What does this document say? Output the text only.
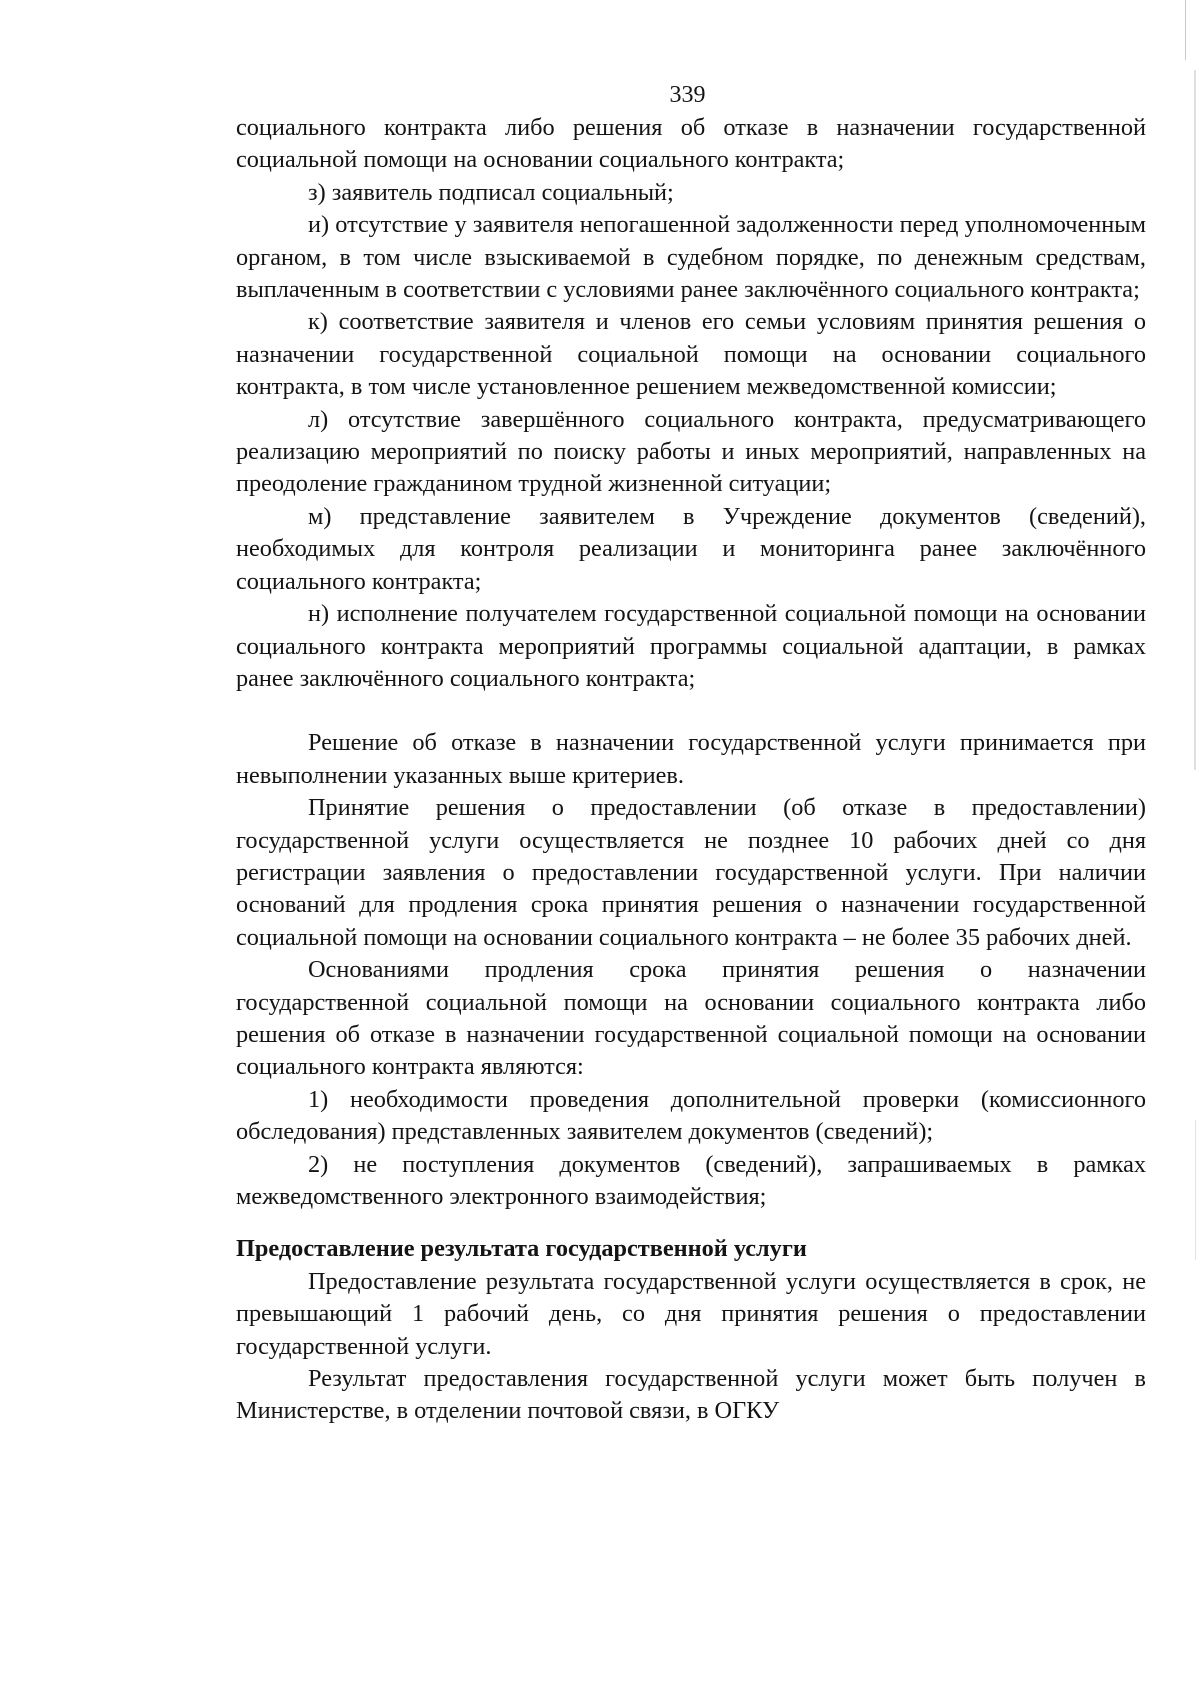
339

социального контракта либо решения об отказе в назначении государственной социальной помощи на основании социального контракта;

з) заявитель подписал социальный;

и) отсутствие у заявителя непогашенной задолженности перед уполномоченным органом, в том числе взыскиваемой в судебном порядке, по денежным средствам, выплаченным в соответствии с условиями ранее заключённого социального контракта;

к) соответствие заявителя и членов его семьи условиям принятия решения о назначении государственной социальной помощи на основании социального контракта, в том числе установленное решением межведомственной комиссии;

л) отсутствие завершённого социального контракта, предусматривающего реализацию мероприятий по поиску работы и иных мероприятий, направленных на преодоление гражданином трудной жизненной ситуации;

м) представление заявителем в Учреждение документов (сведений), необходимых для контроля реализации и мониторинга ранее заключённого социального контракта;

н) исполнение получателем государственной социальной помощи на основании социального контракта мероприятий программы социальной адаптации, в рамках ранее заключённого социального контракта;

Решение об отказе в назначении государственной услуги принимается при невыполнении указанных выше критериев.

Принятие решения о предоставлении (об отказе в предоставлении) государственной услуги осуществляется не позднее 10 рабочих дней со дня регистрации заявления о предоставлении государственной услуги. При наличии оснований для продления срока принятия решения о назначении государственной социальной помощи на основании социального контракта – не более 35 рабочих дней.

Основаниями продления срока принятия решения о назначении государственной социальной помощи на основании социального контракта либо решения об отказе в назначении государственной социальной помощи на основании социального контракта являются:

1) необходимости проведения дополнительной проверки (комиссионного обследования) представленных заявителем документов (сведений);

2) не поступления документов (сведений), запрашиваемых в рамках межведомственного электронного взаимодействия;

Предоставление результата государственной услуги

Предоставление результата государственной услуги осуществляется в срок, не превышающий 1 рабочий день, со дня принятия решения о предоставлении государственной услуги.

Результат предоставления государственной услуги может быть получен в Министерстве, в отделении почтовой связи, в ОГКУ
